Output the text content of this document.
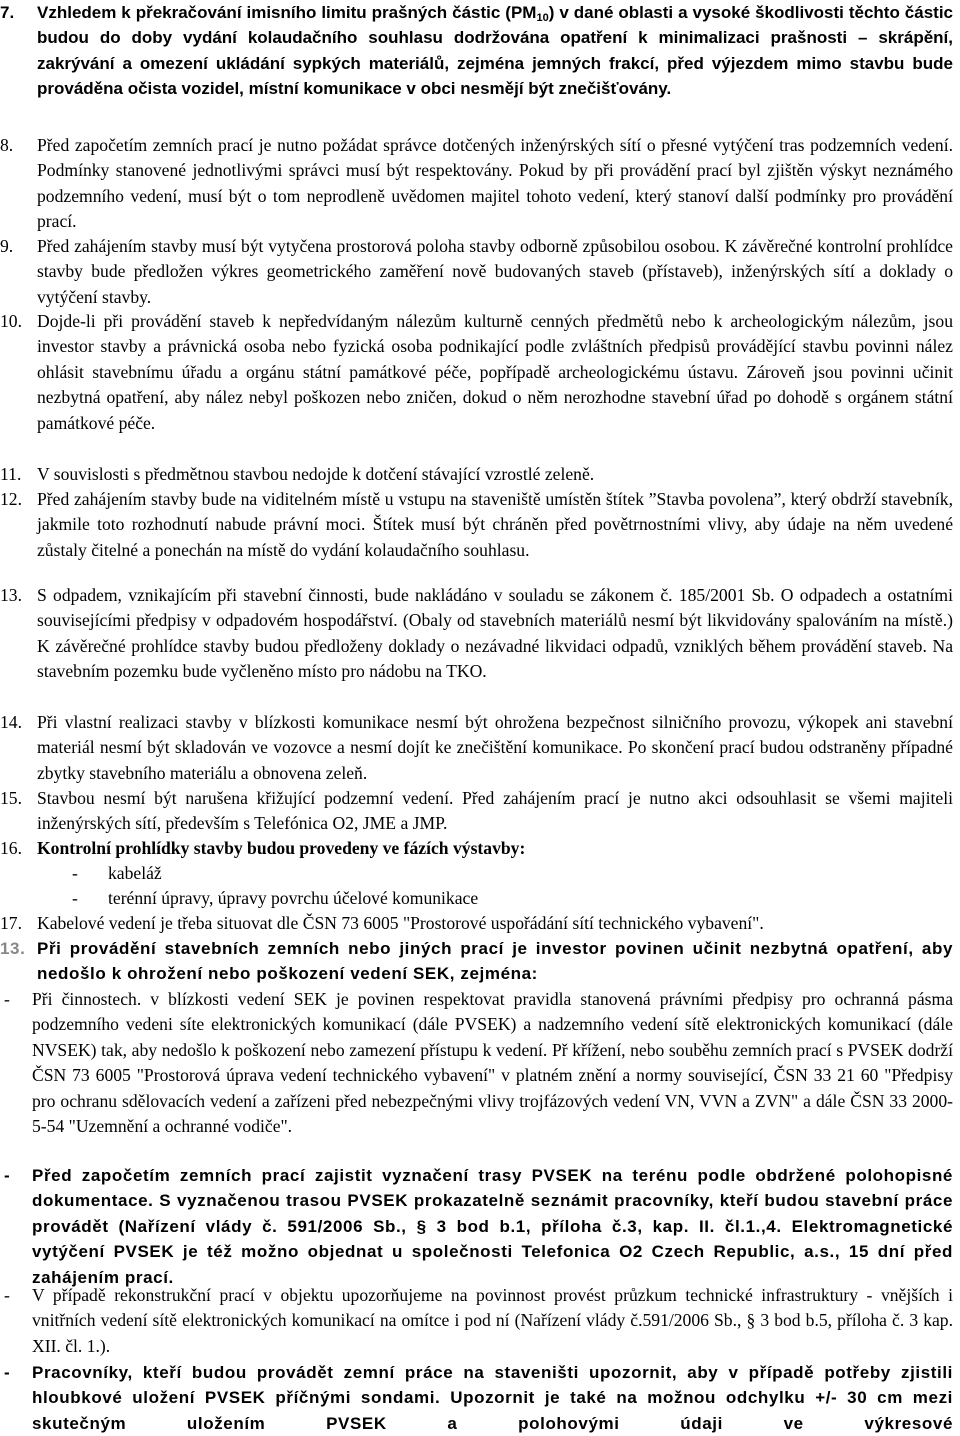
7.	Vzhledem k překračování imisního limitu prašných částic $(PM_{10})$ v dané oblasti a vysoké škodlivosti těchto částic budou do doby vydání kolaudačního souhlasu dodržována opatření k minimalizaci prašnosti – skrápění, zakrývání a omezení ukládání sypkých materiálů, zejména jemných frakcí, před výjezdem mimo stavbu bude prováděna očista vozidel, místní komunikace v obci nesmějí být znečišťovány.
8.	Před započetím zemních prací je nutno požádat správce dotčených inženýrských sítí o přesné vytýčení tras podzemních vedení. Podmínky stanovené jednotlivými správci musí být respektovány. Pokud by při provádění prací byl zjištěn výskyt neznámého podzemního vedení, musí být o tom neprodleně uvědomen majitel tohoto vedení, který stanoví další podmínky pro provádění prací.
9.	Před zahájením stavby musí být vytyčena prostorová poloha stavby odborně způsobilou osobou. K závěrečné kontrolní prohlídce stavby bude předložen výkres geometrického zaměření nově budovaných staveb (přístaveb), inženýrských sítí a doklady o vytýčení stavby.
10. Dojde-li při provádění staveb k nepředvídaným nálezům kulturně cenných předmětů nebo k archeologickým nálezům, jsou investor stavby a právnická osoba nebo fyzická osoba podnikající podle zvláštních předpisů provádějící stavbu povinni nález ohlásit stavebnímu úřadu a orgánu státní památkové péče, popřípadě archeologickému ústavu. Zároveň jsou povinni učinit nezbytná opatření, aby nález nebyl poškozen nebo zničen, dokud o něm nerozhodne stavební úřad po dohodě s orgánem státní památkové péče.
11. V souvislosti s předmětnou stavbou nedojde k dotčení stávající vzrostlé zeleně.
12. Před zahájením stavby bude na viditelném místě u vstupu na staveniště umístěn štítek ”Stavba povolena”, který obdrží stavebník, jakmile toto rozhodnutí nabude právní moci. Štítek musí být chráněn před povětrnostními vlivy, aby údaje na něm uvedené zůstaly čitelné a ponechán na místě do vydání kolaudačního souhlasu.
13. S odpadem, vznikajícím při stavební činnosti, bude nakládáno v souladu se zákonem č. 185/2001 Sb. O odpadech a ostatními souvisejícími předpisy v odpadovém hospodářství. (Obaly od stavebních materiálů nesmí být likvidovány spalováním na místě.) K závěrečné prohlídce stavby budou předloženy doklady o nezávadné likvidaci odpadů, vzniklých během provádění staveb. Na stavebním pozemku bude vyčleněno místo pro nádobu na TKO.
14. Při vlastní realizaci stavby v blízkosti komunikace nesmí být ohrožena bezpečnost silničního provozu, výkopek ani stavební materiál nesmí být skladován ve vozovce a nesmí dojít ke znečištění komunikace. Po skončení prací budou odstraněny případné zbytky stavebního materiálu a obnovena zeleň.
15. Stavbou nesmí být narušena křižující podzemní vedení. Před zahájením prací je nutno akci odsouhlasit se všemi majiteli inženýrských sítí, především s Telefónica O2, JME a JMP.
16. Kontrolní prohlídky stavby budou provedeny ve fázích výstavby:
- kabeláž
- terénní úpravy, úpravy povrchu účelové komunikace
17. Kabelové vedení je třeba situovat dle ČSN 73 6005 "Prostorové uspořádání sítí technického vybavení".
13. Při provádění stavebních zemních nebo jiných prací je investor povinen učinit nezbytná opatření, aby nedošlo k ohrožení nebo poškození vedení SEK, zejména:
- Při činnostech. v blízkosti vedení SEK je povinen respektovat pravidla stanovená právními předpisy pro ochranná pásma podzemního vedeni síte elektronických komunikací (dále PVSEK) a nadzemního vedení sítě elektronických komunikací (dále NVSEK) tak, aby nedošlo k poškození nebo zamezení přístupu k vedení. Př křížení, nebo souběhu zemních prací s PVSEK dodrží ČSN 73 6005 "Prostorová úprava vedení technického vybavení" v platném znění a normy související, ČSN 33 21 60 "Předpisy pro ochranu sdělovacích vedení a zařízeni před nebezpečnými vlivy trojfázových vedení VN, VVN a ZVN" a dále ČSN 33 2000-5-54 "Uzemnění a ochranné vodiče".
- Před započetím zemních prací zajistit vyznačení trasy PVSEK na terénu podle obdržené polohopisné dokumentace. S vyznačenou trasou PVSEK prokazatelně seznámit pracovníky, kteří budou stavební práce provádět (Nařízení vlády č. 591/2006 Sb., § 3 bod b.1, příloha č.3, kap. II. čl.1.,4. Elektromagnetické vytýčení PVSEK je též možno objednat u společnosti Telefonica O2 Czech Republic, a.s., 15 dní před zahájením prací.
- V případě rekonstrukční prací v objektu upozorňujeme na povinnost provést průzkum technické infrastruktury - vnějších i vnitřních vedení sítě elektronických komunikací na omítce i pod ní (Nařízení vlády č.591/2006 Sb., § 3 bod b.5, příloha č. 3 kap. XII. čl. 1.).
- Pracovníky, kteří budou provádět zemní práce na staveništi upozornit, aby v případě potřeby zjistili hloubkové uložení PVSEK příčnými sondami. Upozornit je také na možnou odchylku +/- 30 cm mezi skutečným uložením PVSEK a polohovými údaji ve výkresové
